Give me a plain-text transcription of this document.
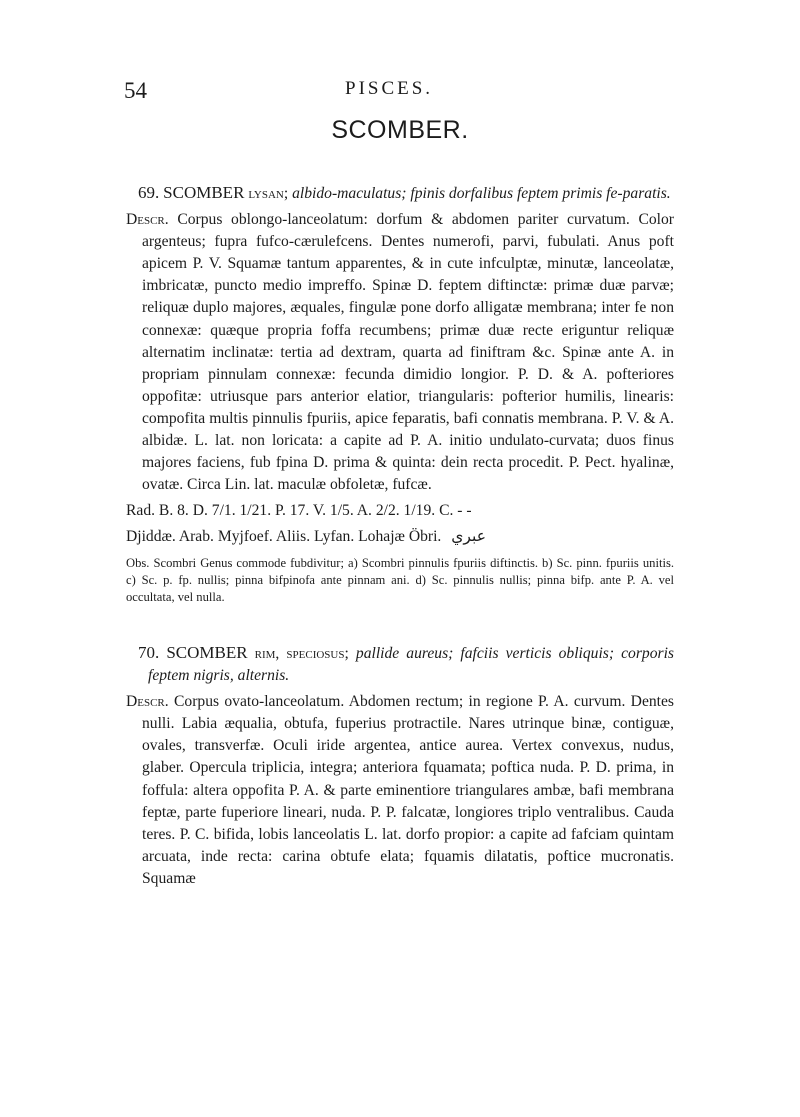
54	PISCES.
SCOMBER.

69. SCOMBER lysan; albido-maculatus; fpinis dorfalibus feptem primis fe-paratis.

Descr. Corpus oblongo-lanceolatum: dorfum & abdomen pariter curvatum. Color argenteus; fupra fufco-cærulefcens. Dentes numerofi, parvi, fubulati. Anus poft apicem P. V. Squamæ tantum apparentes, & in cute infculptæ, minutæ, lanceolatæ, imbricatæ, puncto medio impreffo. Spinæ D. feptem diftinctæ: primæ duæ parvæ; reliquæ duplo majores, æquales, fingulæ pone dorfo alligatæ membrana; inter fe non connexæ: quæque propria foffa recumbens; primæ duæ recte eriguntur reliquæ alternatim inclinatæ: tertia ad dextram, quarta ad finiftram &c. Spinæ ante A. in propriam pinnulam connexæ: fecunda dimidio longior. P. D. & A. pofteriores oppofitæ: utriusque pars anterior elatior, triangularis: pofterior humilis, linearis: compofita multis pinnulis fpuriis, apice feparatis, bafi connatis membrana. P. V. & A. albidæ. L. lat. non loricata: a capite ad P. A. initio undulato-curvata; duos finus majores faciens, fub fpina D. prima & quinta: dein recta procedit. P. Pect. hyalinæ, ovatæ. Circa Lin. lat. maculæ obfoletæ, fufcæ.

Rad. B. 8. D. 7/1. 1/21. P. 17. V. 1/5. A. 2/2. 1/19. C. - -

Djiddæ. Arab. Myjfoef. Aliis. Lyfan. Lohajæ Öbri. عبري

Obs. Scombri Genus commode fubdivitur; a) Scombri pinnulis fpuriis diftinctis. b) Sc. pinn. fpuriis unitis. c) Sc. p. fp. nullis; pinna bifpinofa ante pinnam ani. d) Sc. pinnulis nullis; pinna bifp. ante P. A. vel occultata, vel nulla.

70. SCOMBER rim, speciosus; pallide aureus; fafciis verticis obliquis; corporis feptem nigris, alternis.

Descr. Corpus ovato-lanceolatum. Abdomen rectum; in regione P. A. curvum. Dentes nulli. Labia æqualia, obtufa, fuperius protractile. Nares utrinque binæ, contiguæ, ovales, transverfæ. Oculi iride argentea, antice aurea. Vertex convexus, nudus, glaber. Opercula triplicia, integra; anteriora fquamata; poftica nuda. P. D. prima, in foffula: altera oppofita P. A. & parte eminentiore triangulares ambæ, bafi membrana feptæ, parte fuperiore lineari, nuda. P. P. falcatæ, longiores triplo ventralibus. Cauda teres. P. C. bifida, lobis lanceolatis L. lat. dorfo propior: a capite ad fafciam quintam arcuata, inde recta: carina obtufe elata; fquamis dilatatis, poftice mucronatis. Squamæ
